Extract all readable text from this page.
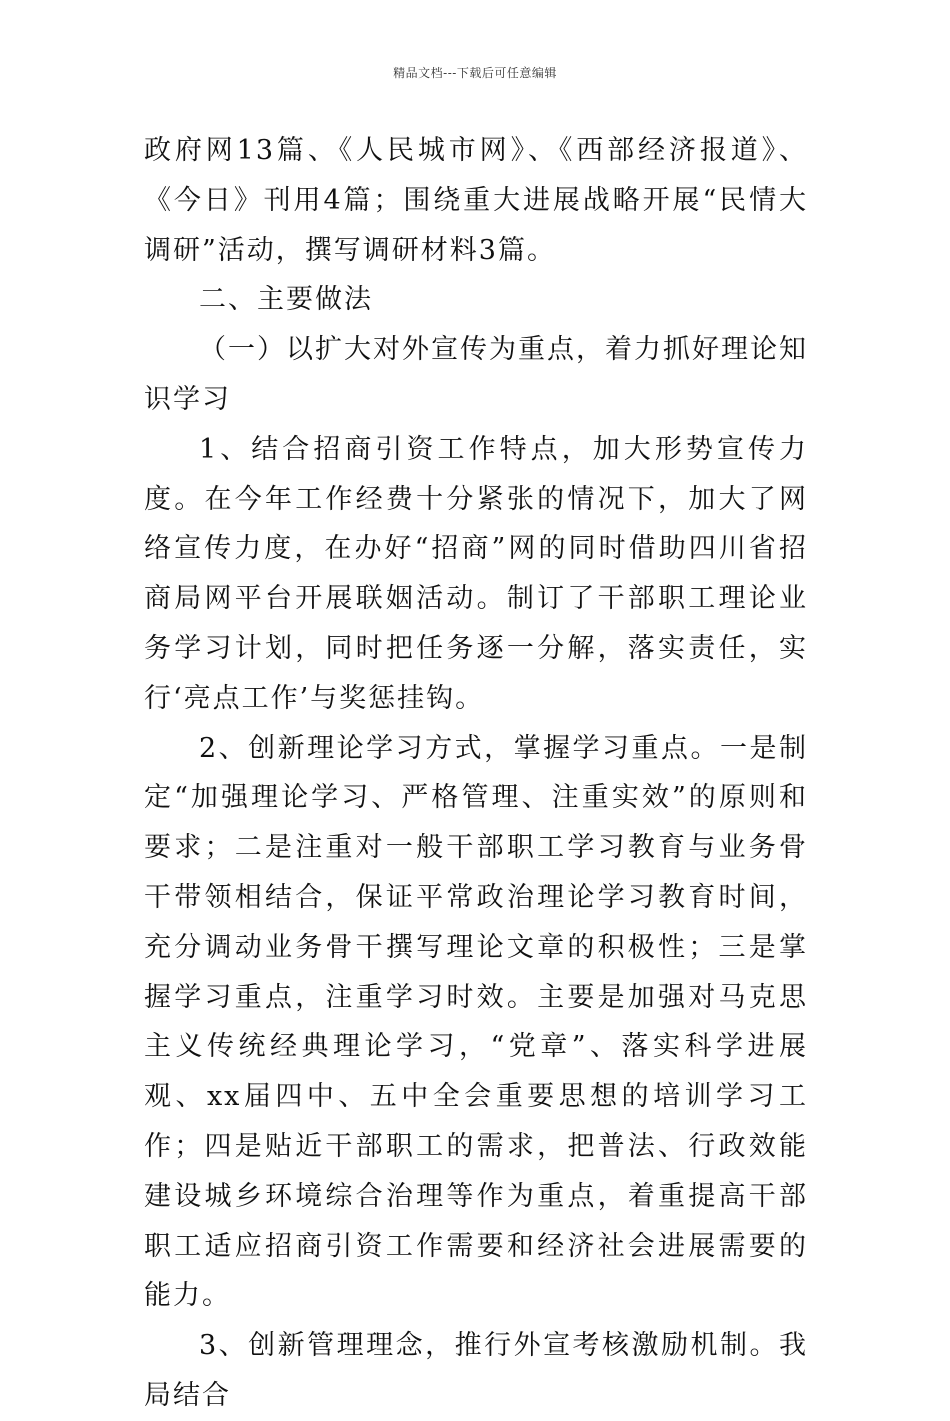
精品文档---下载后可任意编辑

政府网13篇、《人民城市网》、《西部经济报道》、《今日》刊用4篇；围绕重大进展战略开展“民情大调研”活动，撰写调研材料3篇。

二、主要做法

（一）以扩大对外宣传为重点，着力抓好理论知识学习

1、结合招商引资工作特点，加大形势宣传力度。在今年工作经费十分紧张的情况下，加大了网络宣传力度，在办好“招商”网的同时借助四川省招商局网平台开展联姻活动。制订了干部职工理论业务学习计划，同时把任务逐一分解，落实责任，实行‘亮点工作’与奖惩挂钩。

2、创新理论学习方式，掌握学习重点。一是制定“加强理论学习、严格管理、注重实效”的原则和要求；二是注重对一般干部职工学习教育与业务骨干带领相结合，保证平常政治理论学习教育时间，充分调动业务骨干撰写理论文章的积极性；三是掌握学习重点，注重学习时效。主要是加强对马克思主义传统经典理论学习，“党章”、落实科学进展观、xx届四中、五中全会重要思想的培训学习工作；四是贴近干部职工的需求，把普法、行政效能建设城乡环境综合治理等作为重点，着重提高干部职工适应招商引资工作需要和经济社会进展需要的能力。

3、创新管理理念，推行外宣考核激励机制。我局结合
